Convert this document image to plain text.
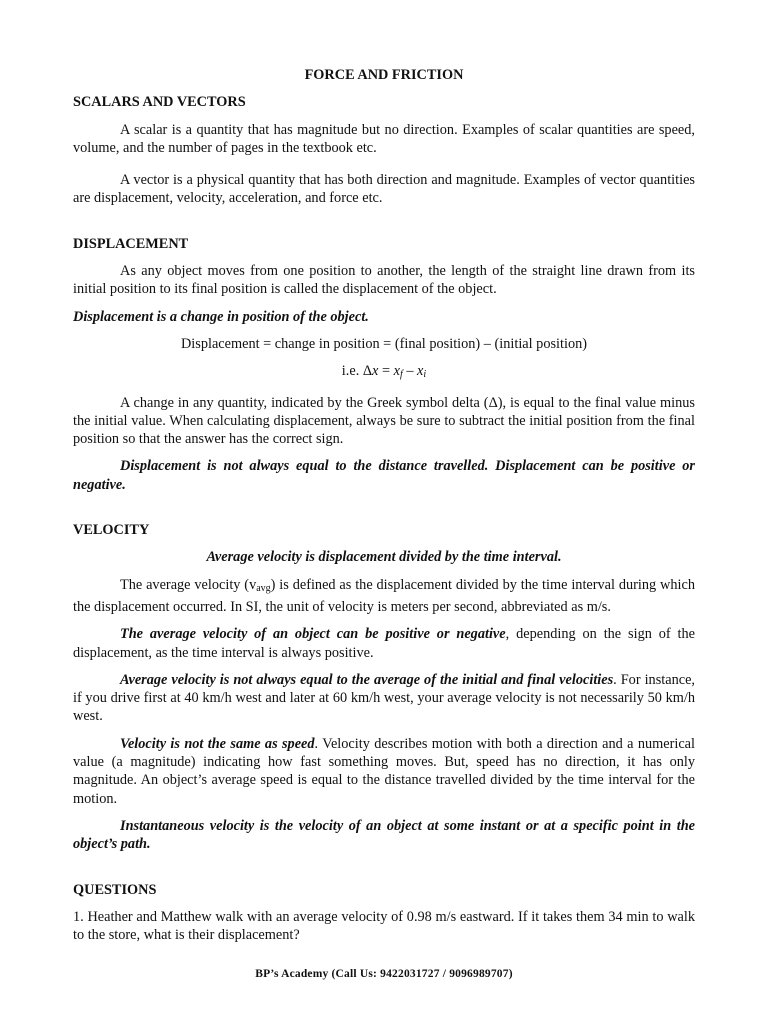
FORCE AND FRICTION
SCALARS AND VECTORS

A scalar is a quantity that has magnitude but no direction. Examples of scalar quantities are speed, volume, and the number of pages in the textbook etc.

A vector is a physical quantity that has both direction and magnitude. Examples of vector quantities are displacement, velocity, acceleration, and force etc.

DISPLACEMENT

As any object moves from one position to another, the length of the straight line drawn from its initial position to its final position is called the displacement of the object.

Displacement is a change in position of the object.

Displacement = change in position = (final position) – (initial position)

i.e. $\Delta x = x_f - x_i$

A change in any quantity, indicated by the Greek symbol delta (Δ), is equal to the final value minus the initial value. When calculating displacement, always be sure to subtract the initial position from the final position so that the answer has the correct sign.

Displacement is not always equal to the distance travelled. Displacement can be positive or negative.

VELOCITY

Average velocity is displacement divided by the time interval.

The average velocity $(v_{avg})$ is defined as the displacement divided by the time interval during which the displacement occurred. In SI, the unit of velocity is meters per second, abbreviated as m/s.

The average velocity of an object can be positive or negative, depending on the sign of the displacement, as the time interval is always positive.

Average velocity is not always equal to the average of the initial and final velocities. For instance, if you drive first at 40 km/h west and later at 60 km/h west, your average velocity is not necessarily 50 km/h west.

Velocity is not the same as speed. Velocity describes motion with both a direction and a numerical value (a magnitude) indicating how fast something moves. But, speed has no direction, it has only magnitude. An object’s average speed is equal to the distance travelled divided by the time interval for the motion.

Instantaneous velocity is the velocity of an object at some instant or at a specific point in the object’s path.

QUESTIONS

1. Heather and Matthew walk with an average velocity of 0.98 m/s eastward. If it takes them 34 min to walk to the store, what is their displacement?

BP’s Academy (Call Us: 9422031727 / 9096989707)
